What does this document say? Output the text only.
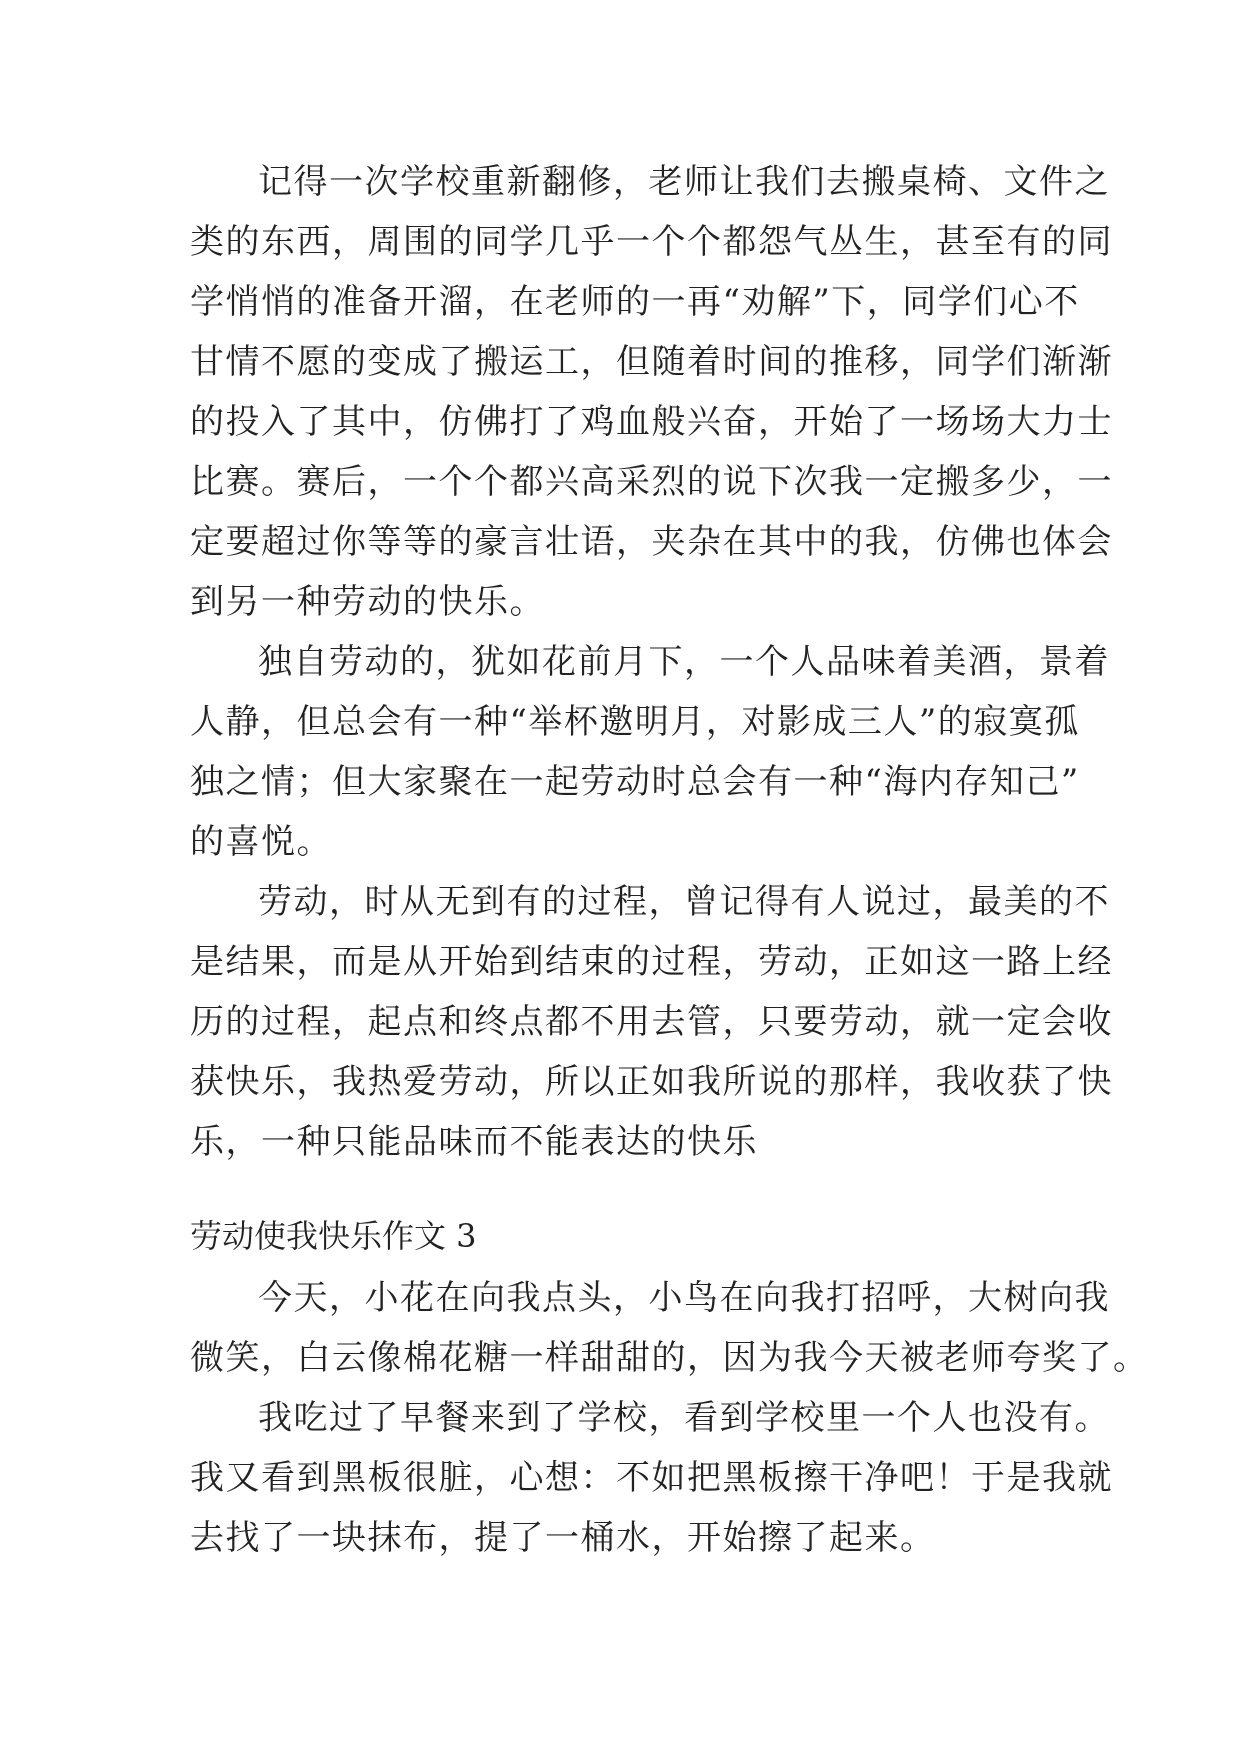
记得一次学校重新翻修，老师让我们去搬桌椅、文件之
类的东西，周围的同学几乎一个个都怨气丛生，甚至有的同
学悄悄的准备开溜，在老师的一再“劝解”下，同学们心不
甘情不愿的变成了搬运工，但随着时间的推移，同学们渐渐
的投入了其中，仿佛打了鸡血般兴奋，开始了一场场大力士
比赛。赛后，一个个都兴高采烈的说下次我一定搬多少，一
定要超过你等等的豪言壮语，夹杂在其中的我，仿佛也体会
到另一种劳动的快乐。
独自劳动的，犹如花前月下，一个人品味着美酒，景着
人静，但总会有一种“举杯邀明月，对影成三人”的寂寞孤
独之情；但大家聚在一起劳动时总会有一种“海内存知己”
的喜悦。
劳动，时从无到有的过程，曾记得有人说过，最美的不
是结果，而是从开始到结束的过程，劳动，正如这一路上经
历的过程，起点和终点都不用去管，只要劳动，就一定会收
获快乐，我热爱劳动，所以正如我所说的那样，我收获了快
乐，一种只能品味而不能表达的快乐
劳动使我快乐作文 3
今天，小花在向我点头，小鸟在向我打招呼，大树向我
微笑，白云像棉花糖一样甜甜的，因为我今天被老师夸奖了。
我吃过了早餐来到了学校，看到学校里一个人也没有。
我又看到黑板很脏，心想：不如把黑板擦干净吧！于是我就
去找了一块抹布，提了一桶水，开始擦了起来。
